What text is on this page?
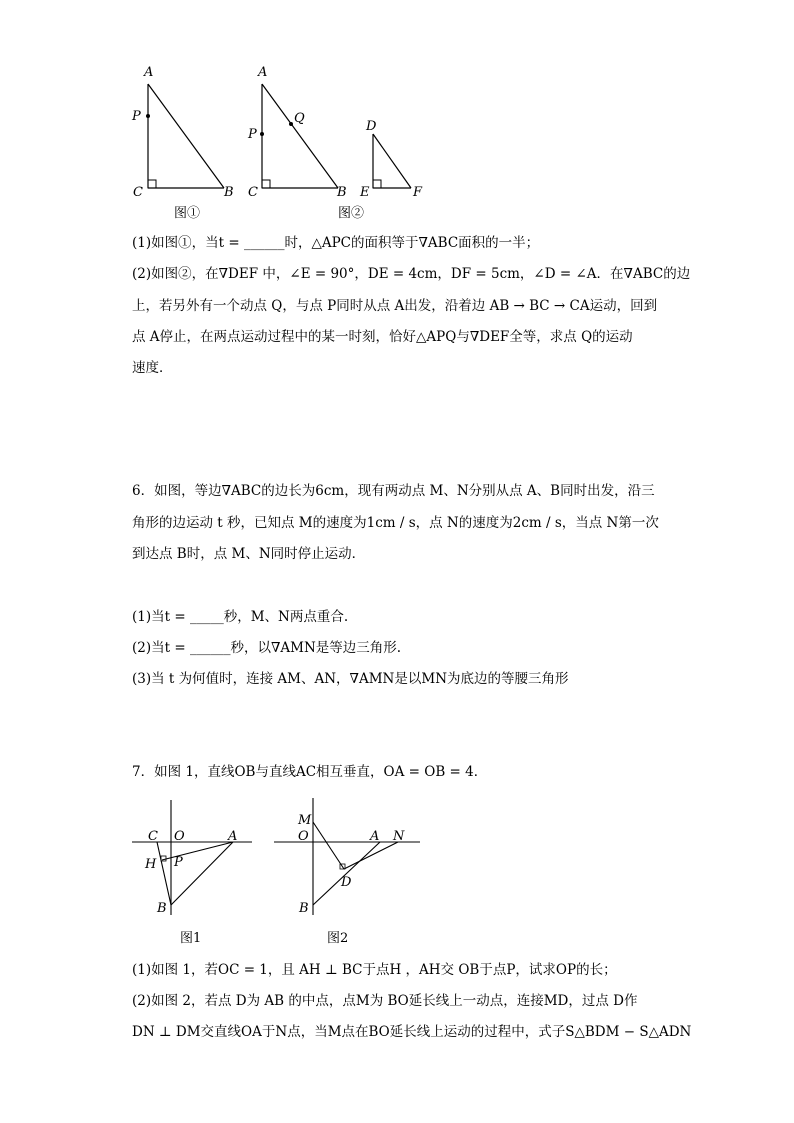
A
P
C	B
图①
A
P
Q
C	B
D
E	F
图②
C O	A
H P
B
图1
M
O	A N
D
B
图2
(1)如图①，当t = ______时，△APC的面积等于∇ABC面积的一半；
(2)如图②，在∇DEF 中，∠E = 90°，DE = 4cm，DF = 5cm，∠D = ∠A．在∇ABC的边
上，若另外有一个动点 Q，与点 P同时从点 A出发，沿着边 AB → BC → CA运动，回到
点 A停止，在两点运动过程中的某一时刻，恰好△APQ与∇DEF全等，求点 Q的运动
速度．
6．如图，等边∇ABC的边长为6cm，现有两动点 M、N分别从点 A、B同时出发，沿三
角形的边运动 t 秒，已知点 M的速度为1cm / s，点 N的速度为2cm / s，当点 N第一次
到达点 B时，点 M、N同时停止运动．
(1)当t = _____秒，M、N两点重合.
(2)当t = ______秒，以∇AMN是等边三角形.
(3)当 t 为何值时，连接 AM、AN，∇AMN是以MN为底边的等腰三角形
7．如图 1，直线OB与直线AC相互垂直，OA = OB = 4．
(1)如图 1，若OC = 1，且 AH ⊥ BC于点H ，AH交 OB于点P，试求OP的长；
(2)如图 2，若点 D为 AB 的中点，点M为 BO延长线上一动点，连接MD，过点 D作
DN ⊥ DM交直线OA于N点，当M点在BO延长线上运动的过程中，式子S△BDM − S△ADN
